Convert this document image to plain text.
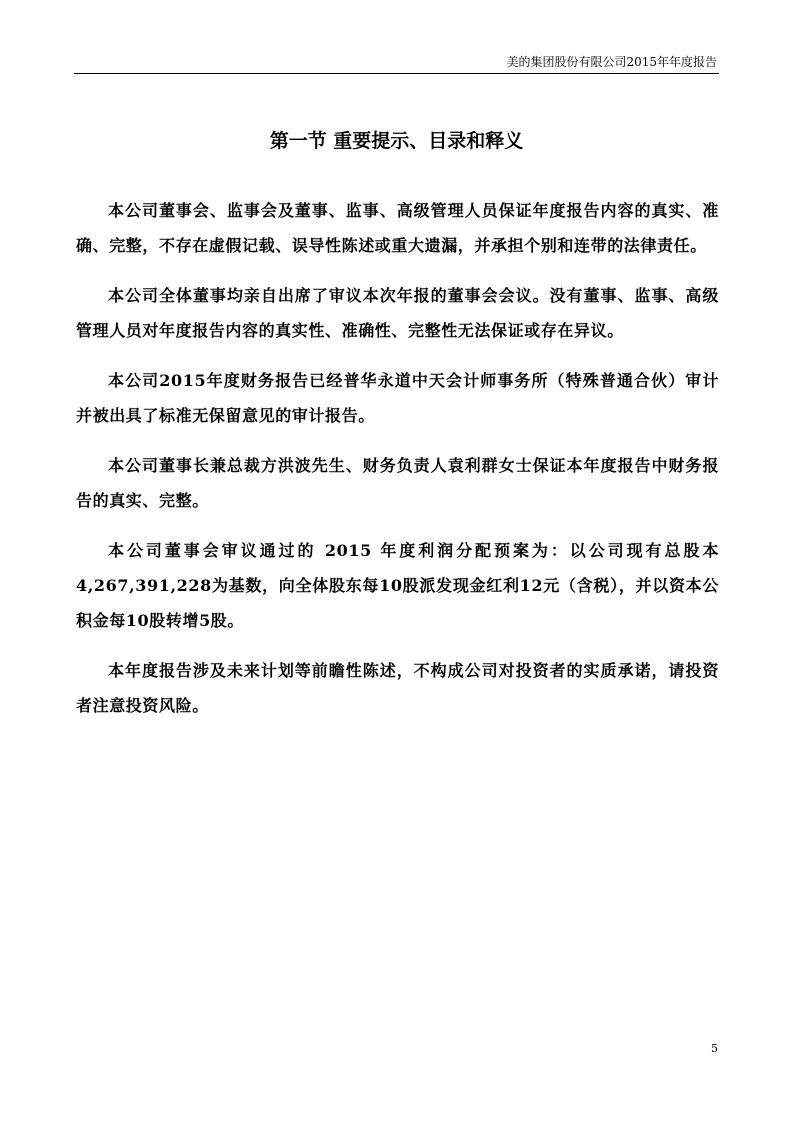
美的集团股份有限公司2015年年度报告
第一节 重要提示、目录和释义

本公司董事会、监事会及董事、监事、高级管理人员保证年度报告内容的真实、准确、完整，不存在虚假记载、误导性陈述或重大遗漏，并承担个别和连带的法律责任。

本公司全体董事均亲自出席了审议本次年报的董事会会议。没有董事、监事、高级管理人员对年度报告内容的真实性、准确性、完整性无法保证或存在异议。

本公司2015年度财务报告已经普华永道中天会计师事务所（特殊普通合伙）审计并被出具了标准无保留意见的审计报告。

本公司董事长兼总裁方洪波先生、财务负责人袁利群女士保证本年度报告中财务报告的真实、完整。

本公司董事会审议通过的 2015 年度利润分配预案为：以公司现有总股本4,267,391,228为基数，向全体股东每10股派发现金红利12元（含税），并以资本公积金每10股转增5股。

本年度报告涉及未来计划等前瞻性陈述，不构成公司对投资者的实质承诺，请投资者注意投资风险。

5
